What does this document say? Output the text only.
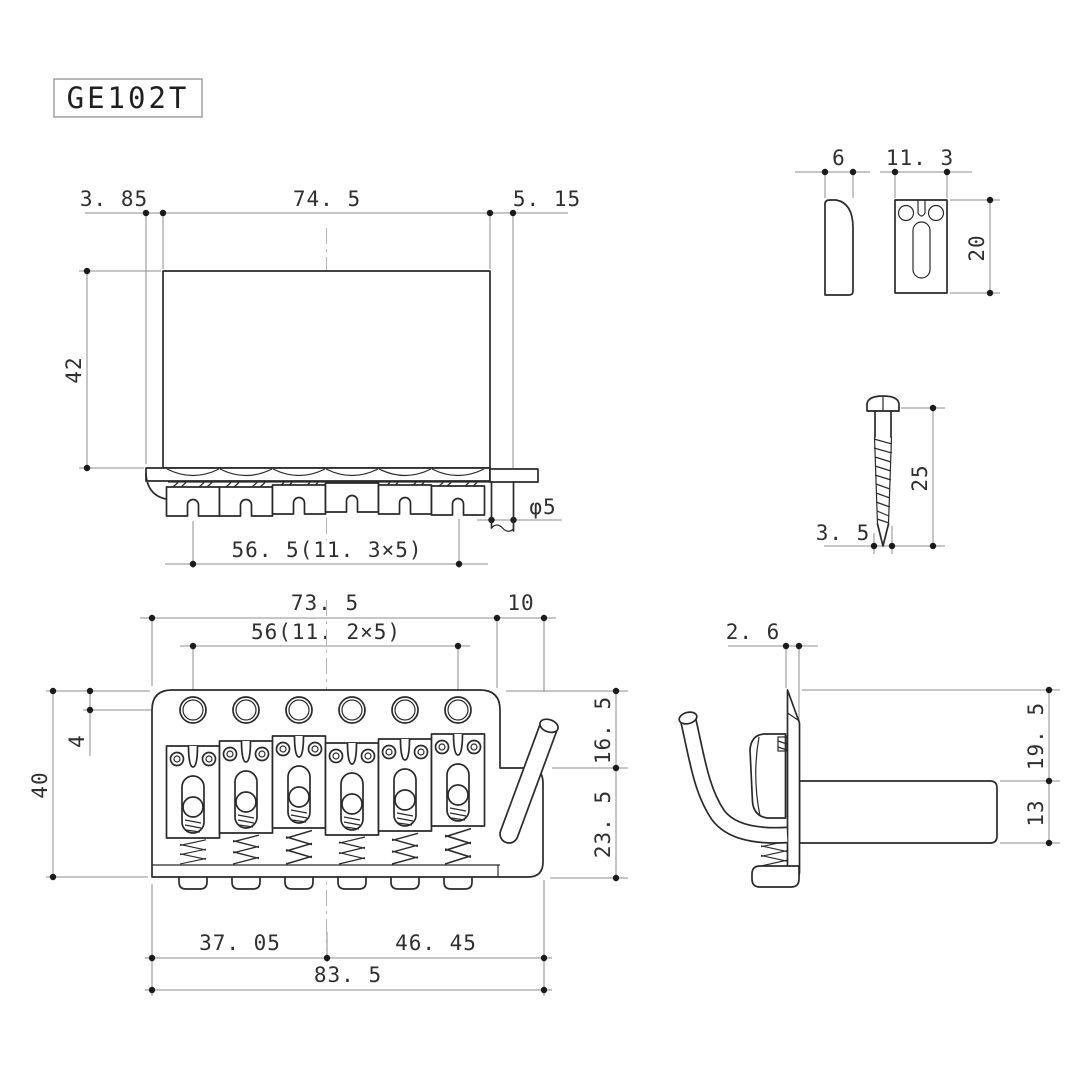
GE102T
3. 85	74. 5	5. 15
42
56. 5(11. 3×5)
φ5
6 11. 3
20
25
3. 5
73. 5	10
56(11. 2×5)
4
40
16. 5
23. 5
37. 05	46. 45
83. 5
2. 6
19. 5
13
